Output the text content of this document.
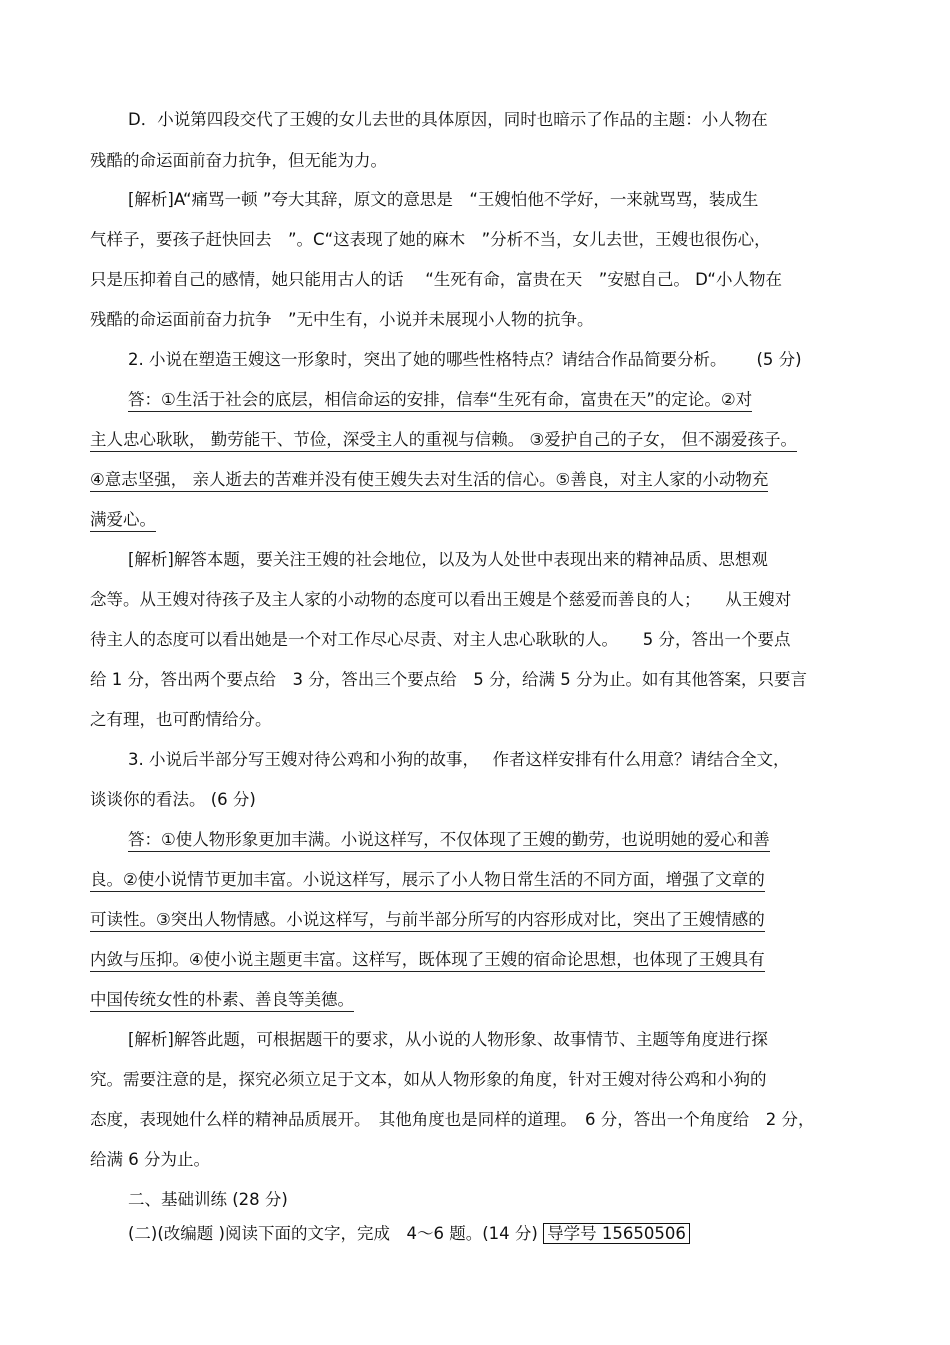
D．小说第四段交代了王嫂的女儿去世的具体原因，同时也暗示了作品的主题：小人物在
残酷的命运面前奋力抗争，但无能为力。
[解析]A“痛骂一顿 ”夸大其辞，原文的意思是　“王嫂怕他不学好，一来就骂骂，装成生
气样子，要孩子赶快回去　”。C“这表现了她的麻木　”分析不当，女儿去世，王嫂也很伤心，
只是压抑着自己的感情，她只能用古人的话　 “生死有命，富贵在天　”安慰自己。 D“小人物在
残酷的命运面前奋力抗争　”无中生有，小说并未展现小人物的抗争。
2. 小说在塑造王嫂这一形象时，突出了她的哪些性格特点？请结合作品简要分析。　　 (5 分)
答：①生活于社会的底层，相信命运的安排，信奉“生死有命，富贵在天”的定论。②对
主人忠心耿耿， 勤劳能干、节俭，深受主人的重视与信赖。 ③爱护自己的子女， 但不溺爱孩子。
④意志坚强， 亲人逝去的苦难并没有使王嫂失去对生活的信心。⑤善良，对主人家的小动物充
满爱心。
[解析]解答本题，要关注王嫂的社会地位，以及为人处世中表现出来的精神品质、思想观
念等。从王嫂对待孩子及主人家的小动物的态度可以看出王嫂是个慈爱而善良的人；　　从王嫂对
待主人的态度可以看出她是一个对工作尽心尽责、对主人忠心耿耿的人。　　5 分，答出一个要点
给 1 分，答出两个要点给　3 分，答出三个要点给　5 分，给满 5 分为止。如有其他答案，只要言
之有理，也可酌情给分。
3. 小说后半部分写王嫂对待公鸡和小狗的故事，　 作者这样安排有什么用意？请结合全文，
谈谈你的看法。 (6 分)
答：①使人物形象更加丰满。小说这样写，不仅体现了王嫂的勤劳，也说明她的爱心和善
良。②使小说情节更加丰富。小说这样写，展示了小人物日常生活的不同方面，增强了文章的
可读性。③突出人物情感。小说这样写，与前半部分所写的内容形成对比，突出了王嫂情感的
内敛与压抑。④使小说主题更丰富。这样写，既体现了王嫂的宿命论思想，也体现了王嫂具有
中国传统女性的朴素、善良等美德。
[解析]解答此题，可根据题干的要求，从小说的人物形象、故事情节、主题等角度进行探
究。需要注意的是，探究必须立足于文本，如从人物形象的角度，针对王嫂对待公鸡和小狗的
态度，表现她什么样的精神品质展开。　其他角度也是同样的道理。　6 分，答出一个角度给　2 分，
给满 6 分为止。
二、基础训练 (28 分)
(二)(改编题 )阅读下面的文字，完成　4～6 题。(14 分) 导学号 15650506
